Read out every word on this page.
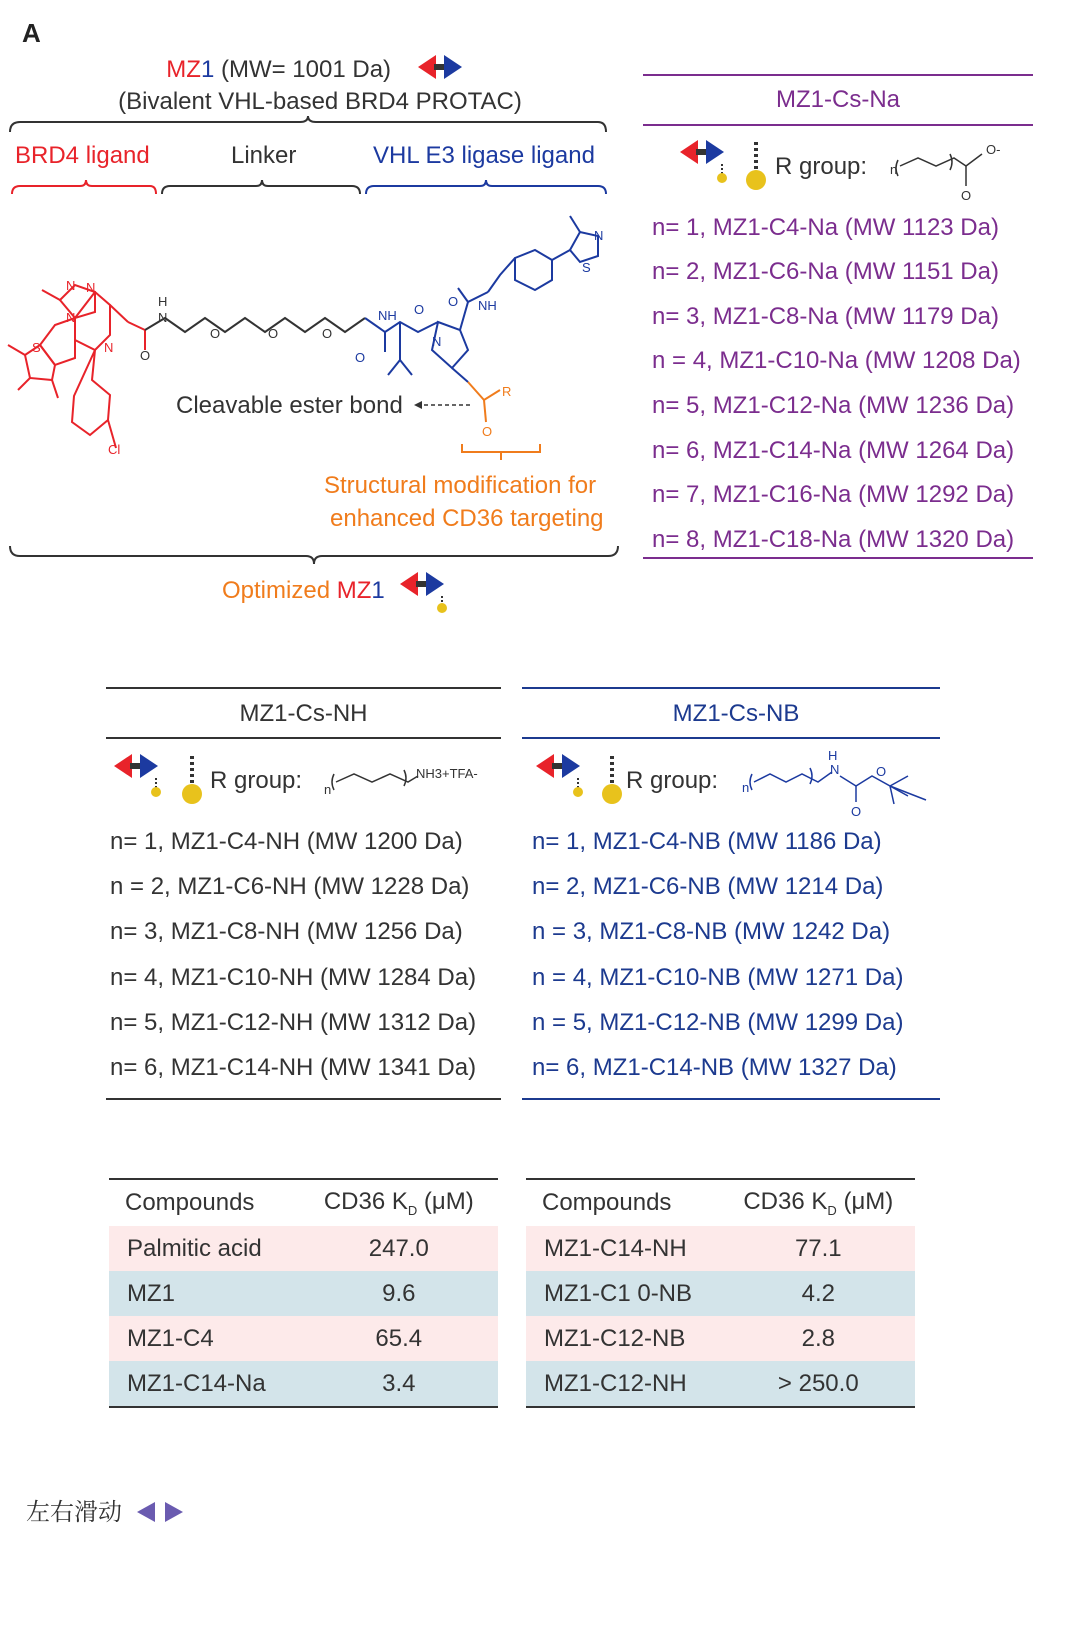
A
MZ1 (MW= 1001 Da)
(Bivalent VHL-based BRD4 PROTAC)
BRD4 ligand	Linker	VHL E3 ligase ligand
N N
N
N
S
Cl
H
N
O
O	O	O
NH
NH
O
O
O
N
S
N
R
O
Cleavable ester bond
Structural modification for
enhanced CD36 targeting
Optimized MZ1
MZ1-Cs-Na
R group: n
O-
O
n= 1, MZ1-C4-Na (MW 1123 Da)
n= 2, MZ1-C6-Na (MW 1151 Da)
n= 3, MZ1-C8-Na (MW 1179 Da)
n = 4, MZ1-C10-Na (MW 1208 Da)
n= 5, MZ1-C12-Na (MW 1236 Da)
n= 6, MZ1-C14-Na (MW 1264 Da)
n= 7, MZ1-C16-Na (MW 1292 Da)
n= 8, MZ1-C18-Na (MW 1320 Da)
MZ1-Cs-NH
R group: n
NH3+TFA-
n= 1, MZ1-C4-NH (MW 1200 Da)
n = 2, MZ1-C6-NH (MW 1228 Da)
n= 3, MZ1-C8-NH (MW 1256 Da)
n= 4, MZ1-C10-NH (MW 1284 Da)
n= 5, MZ1-C12-NH (MW 1312 Da)
n= 6, MZ1-C14-NH (MW 1341 Da)
MZ1-Cs-NB
R group: n
H
N
O
O
n= 1, MZ1-C4-NB (MW 1186 Da)
n= 2, MZ1-C6-NB (MW 1214 Da)
n = 3, MZ1-C8-NB (MW 1242 Da)
n = 4, MZ1-C10-NB (MW 1271 Da)
n = 5, MZ1-C12-NB (MW 1299 Da)
n= 6, MZ1-C14-NB (MW 1327 Da)
Compounds	CD36 $K_D$ (μM)
Palmitic acid	247.0
MZ1	9.6
MZ1-C4	65.4
MZ1-C14-Na	3.4
Compounds	CD36 $K_D$ (μM)
MZ1-C14-NH	77.1
MZ1-C1 0-NB	4.2
MZ1-C12-NB	2.8
MZ1-C12-NH	> 250.0
左右滑动
